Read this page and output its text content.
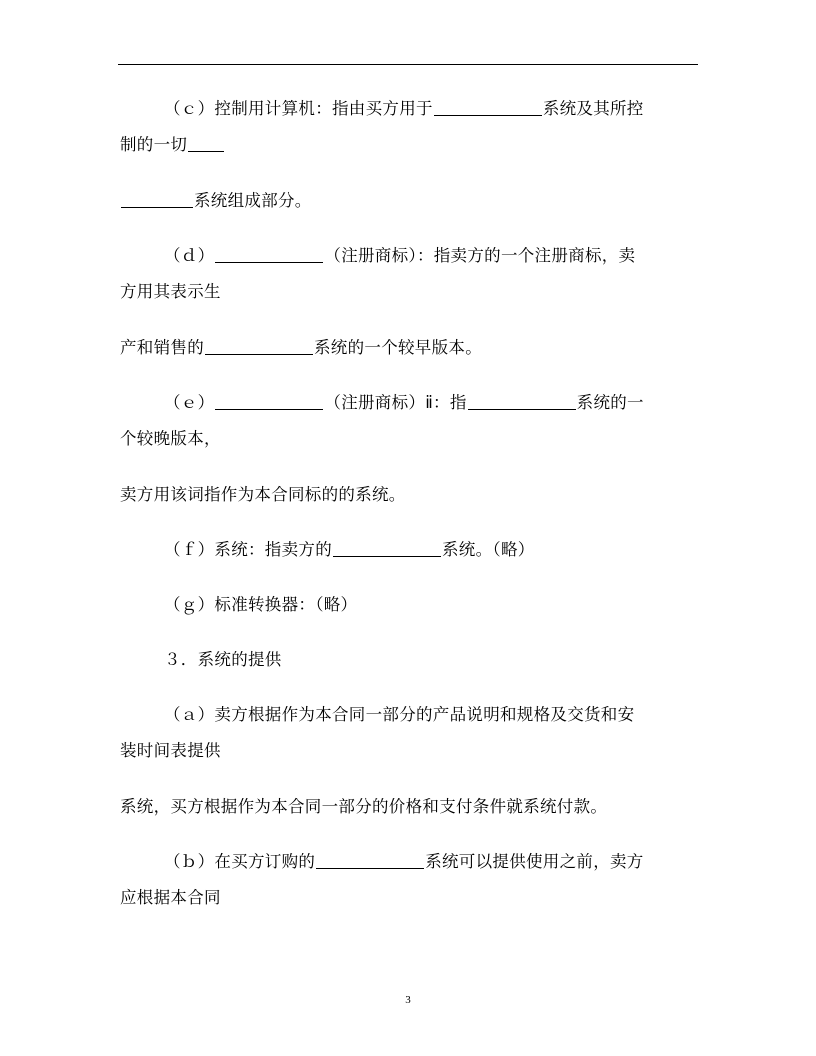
（ｃ）控制用计算机：指由买方用于	系统及其所控
制的一切
系统组成部分。
（ｄ）	（注册商标）：指卖方的一个注册商标，卖
方用其表示生
产和销售的	系统的一个较早版本。
（ｅ）	（注册商标）ⅱ：指	系统的一
个较晚版本，
卖方用该词指作为本合同标的的系统。
（ｆ）系统：指卖方的	系统。（略）
（ｇ）标准转换器：（略）
３．系统的提供
（ａ）卖方根据作为本合同一部分的产品说明和规格及交货和安
装时间表提供
系统，买方根据作为本合同一部分的价格和支付条件就系统付款。
（ｂ）在买方订购的	系统可以提供使用之前，卖方
应根据本合同
3
